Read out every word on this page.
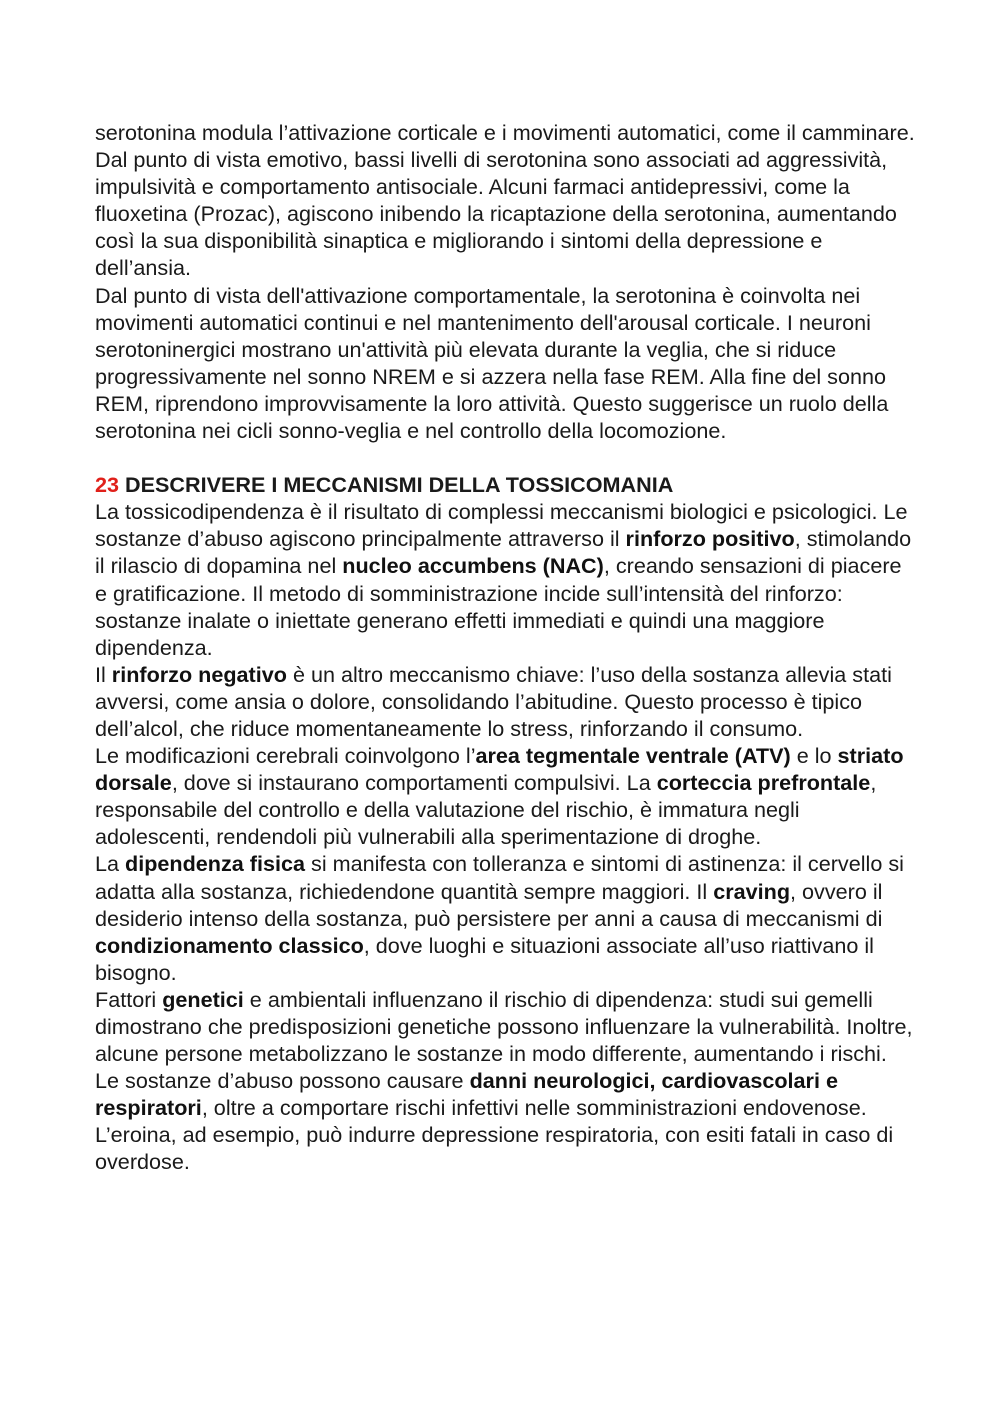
serotonina modula l’attivazione corticale e i movimenti automatici, come il camminare.

Dal punto di vista emotivo, bassi livelli di serotonina sono associati ad aggressività, impulsività e comportamento antisociale. Alcuni farmaci antidepressivi, come la fluoxetina (Prozac), agiscono inibendo la ricaptazione della serotonina, aumentando così la sua disponibilità sinaptica e migliorando i sintomi della depressione e dell’ansia.

Dal punto di vista dell'attivazione comportamentale, la serotonina è coinvolta nei movimenti automatici continui e nel mantenimento dell'arousal corticale. I neuroni serotoninergici mostrano un'attività più elevata durante la veglia, che si riduce progressivamente nel sonno NREM e si azzera nella fase REM. Alla fine del sonno REM, riprendono improvvisamente la loro attività. Questo suggerisce un ruolo della serotonina nei cicli sonno-veglia e nel controllo della locomozione.

23 DESCRIVERE I MECCANISMI DELLA TOSSICOMANIA

La tossicodipendenza è il risultato di complessi meccanismi biologici e psicologici. Le sostanze d’abuso agiscono principalmente attraverso il rinforzo positivo, stimolando il rilascio di dopamina nel nucleo accumbens (NAC), creando sensazioni di piacere e gratificazione. Il metodo di somministrazione incide sull’intensità del rinforzo: sostanze inalate o iniettate generano effetti immediati e quindi una maggiore dipendenza.

Il rinforzo negativo è un altro meccanismo chiave: l’uso della sostanza allevia stati avversi, come ansia o dolore, consolidando l’abitudine. Questo processo è tipico dell’alcol, che riduce momentaneamente lo stress, rinforzando il consumo.

Le modificazioni cerebrali coinvolgono l’area tegmentale ventrale (ATV) e lo striato dorsale, dove si instaurano comportamenti compulsivi. La corteccia prefrontale, responsabile del controllo e della valutazione del rischio, è immatura negli adolescenti, rendendoli più vulnerabili alla sperimentazione di droghe.

La dipendenza fisica si manifesta con tolleranza e sintomi di astinenza: il cervello si adatta alla sostanza, richiedendone quantità sempre maggiori. Il craving, ovvero il desiderio intenso della sostanza, può persistere per anni a causa di meccanismi di condizionamento classico, dove luoghi e situazioni associate all’uso riattivano il bisogno.

Fattori genetici e ambientali influenzano il rischio di dipendenza: studi sui gemelli dimostrano che predisposizioni genetiche possono influenzare la vulnerabilità. Inoltre, alcune persone metabolizzano le sostanze in modo differente, aumentando i rischi.

Le sostanze d’abuso possono causare danni neurologici, cardiovascolari e respiratori, oltre a comportare rischi infettivi nelle somministrazioni endovenose. L’eroina, ad esempio, può indurre depressione respiratoria, con esiti fatali in caso di overdose.
